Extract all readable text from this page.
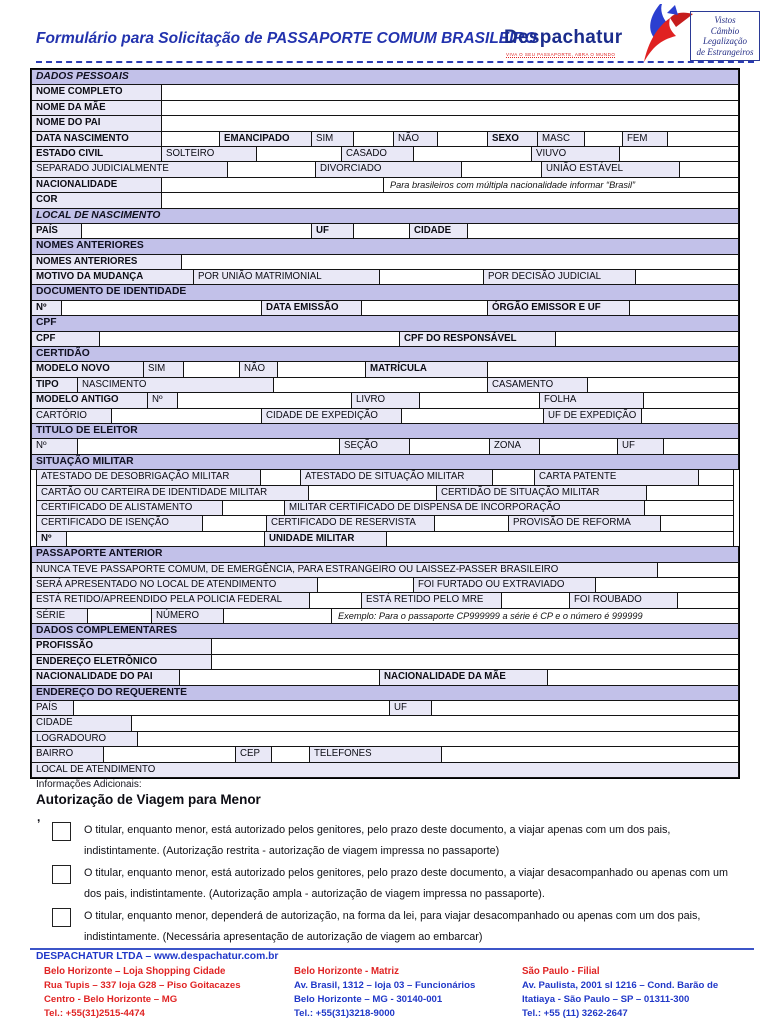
Formulário para Solicitação de PASSAPORTE COMUM BRASILEIRO
Despachatur
VIVA O SEU PASSAPORTE, ABRA O MUNDO
Vistos
Câmbio
Legalização
de Estrangeiros
DADOS PESSOAIS
NOME COMPLETO
NOME DA MÃE
NOME DO PAI
DATA NASCIMENTO	EMANCIPADO	SIM	NÃO	SEXO	MASC	FEM
ESTADO CIVIL	SOLTEIRO	CASADO	VIUVO
SEPARADO JUDICIALMENTE	DIVORCIADO	UNIÃO ESTÁVEL
NACIONALIDADE	Para brasileiros com múltipla nacionalidade informar “Brasil”
COR
LOCAL DE NASCIMENTO
PAÍS	UF	CIDADE
NOMES ANTERIORES
NOMES ANTERIORES
MOTIVO DA MUDANÇA	POR UNIÃO MATRIMONIAL	POR DECISÃO JUDICIAL
DOCUMENTO DE IDENTIDADE
Nº	DATA EMISSÃO	ÓRGÃO EMISSOR E UF
CPF
CPF	CPF DO RESPONSÁVEL
CERTIDÃO
MODELO NOVO	SIM	NÃO	MATRÍCULA
TIPO	NASCIMENTO	CASAMENTO
MODELO ANTIGO	Nº	LIVRO	FOLHA
CARTÓRIO	CIDADE DE EXPEDIÇÃO	UF DE EXPEDIÇÃO
TITULO DE ELEITOR
Nº	SEÇÃO	ZONA	UF
SITUAÇÃO MILITAR
ATESTADO DE DESOBRIGAÇÃO MILITAR	ATESTADO DE SITUAÇÃO MILITAR	CARTA PATENTE
CARTÃO OU CARTEIRA DE IDENTIDADE MILITAR	CERTIDÃO DE SITUAÇÃO MILITAR
CERTIFICADO DE ALISTAMENTO	MILITAR CERTIFICADO DE DISPENSA DE INCORPORAÇÃO
CERTIFICADO DE ISENÇÃO	CERTIFICADO DE RESERVISTA	PROVISÃO DE REFORMA
Nº	UNIDADE MILITAR
PASSAPORTE ANTERIOR
NUNCA TEVE PASSAPORTE COMUM, DE EMERGÊNCIA, PARA ESTRANGEIRO OU LAISSEZ-PASSER BRASILEIRO
SERÁ APRESENTADO NO LOCAL DE ATENDIMENTO	FOI FURTADO OU EXTRAVIADO
ESTÁ RETIDO/APREENDIDO PELA POLICIA FEDERAL	ESTÁ RETIDO PELO MRE	FOI ROUBADO
SÉRIE	NÚMERO	Exemplo: Para o passaporte CP999999 a série é CP e o número é 999999
DADOS COMPLEMENTARES
PROFISSÃO
ENDEREÇO ELETRÔNICO
NACIONALIDADE DO PAI	NACIONALIDADE DA MÃE
ENDEREÇO DO REQUERENTE
PAÍS	UF
CIDADE
LOGRADOURO
BAIRRO	CEP	TELEFONES
LOCAL DE ATENDIMENTO
Informações Adicionais:
Autorização de Viagem para Menor
,
O titular, enquanto menor, está autorizado pelos genitores, pelo prazo deste documento, a viajar apenas com um dos pais, indistintamente. (Autorização restrita - autorização de viagem impressa no passaporte)
O titular, enquanto menor, está autorizado pelos genitores, pelo prazo deste documento, a viajar desacompanhado ou apenas com um dos pais, indistintamente. (Autorização ampla - autorização de viagem impressa no passaporte).
O titular, enquanto menor, dependerá de autorização, na forma da lei, para viajar desacompanhado ou apenas com um dos pais, indistintamente. (Necessária apresentação de autorização de viagem ao embarcar)
DESPACHATUR LTDA – www.despachatur.com.br
Belo Horizonte – Loja Shopping Cidade
Rua Tupis – 337 loja G28 – Piso Goitacazes
Centro - Belo Horizonte – MG
Tel.: +55(31)2515-4474
Belo Horizonte - Matriz
Av. Brasil, 1312 – loja 03 – Funcionários
Belo Horizonte – MG - 30140-001
Tel.: +55(31)3218-9000
São Paulo - Filial
Av. Paulista, 2001 sl 1216 – Cond. Barão de
Itatiaya - São Paulo – SP – 01311-300
Tel.: +55 (11) 3262-2647
